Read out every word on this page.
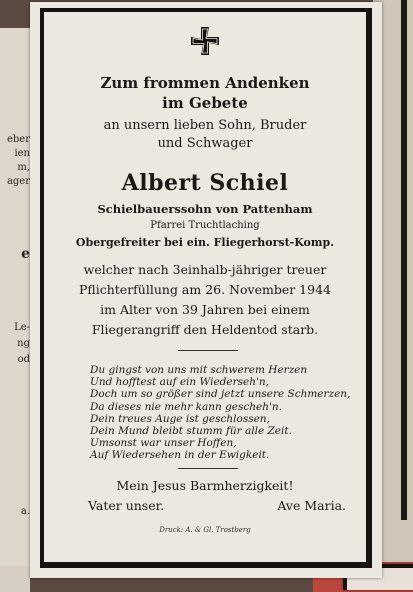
eber
ien
m,
ager
e
Le-
ng
od
a.
Zum frommen Andenken
im Gebete
an unsern lieben Sohn, Bruder
und Schwager
Albert Schiel
Schielbauerssohn von Pattenham
Pfarrei Truchtlaching
Obergefreiter bei ein. Fliegerhorst-Komp.
welcher nach 3einhalb-jähriger treuer
Pflichterfüllung am 26. November 1944
im Alter von 39 Jahren bei einem
Fliegerangriff den Heldentod starb.
Du gingst von uns mit schwerem Herzen
Und hofftest auf ein Wiederseh'n,
Doch um so größer sind jetzt unsere Schmerzen,
Da dieses nie mehr kann gescheh'n.
Dein treues Auge ist geschlossen,
Dein Mund bleibt stumm für alle Zeit.
Umsonst war unser Hoffen,
Auf Wiedersehen in der Ewigkeit.
Mein Jesus Barmherzigkeit!
Vater unser.	Ave Maria.
Druck: A. & Gl. Trostberg
